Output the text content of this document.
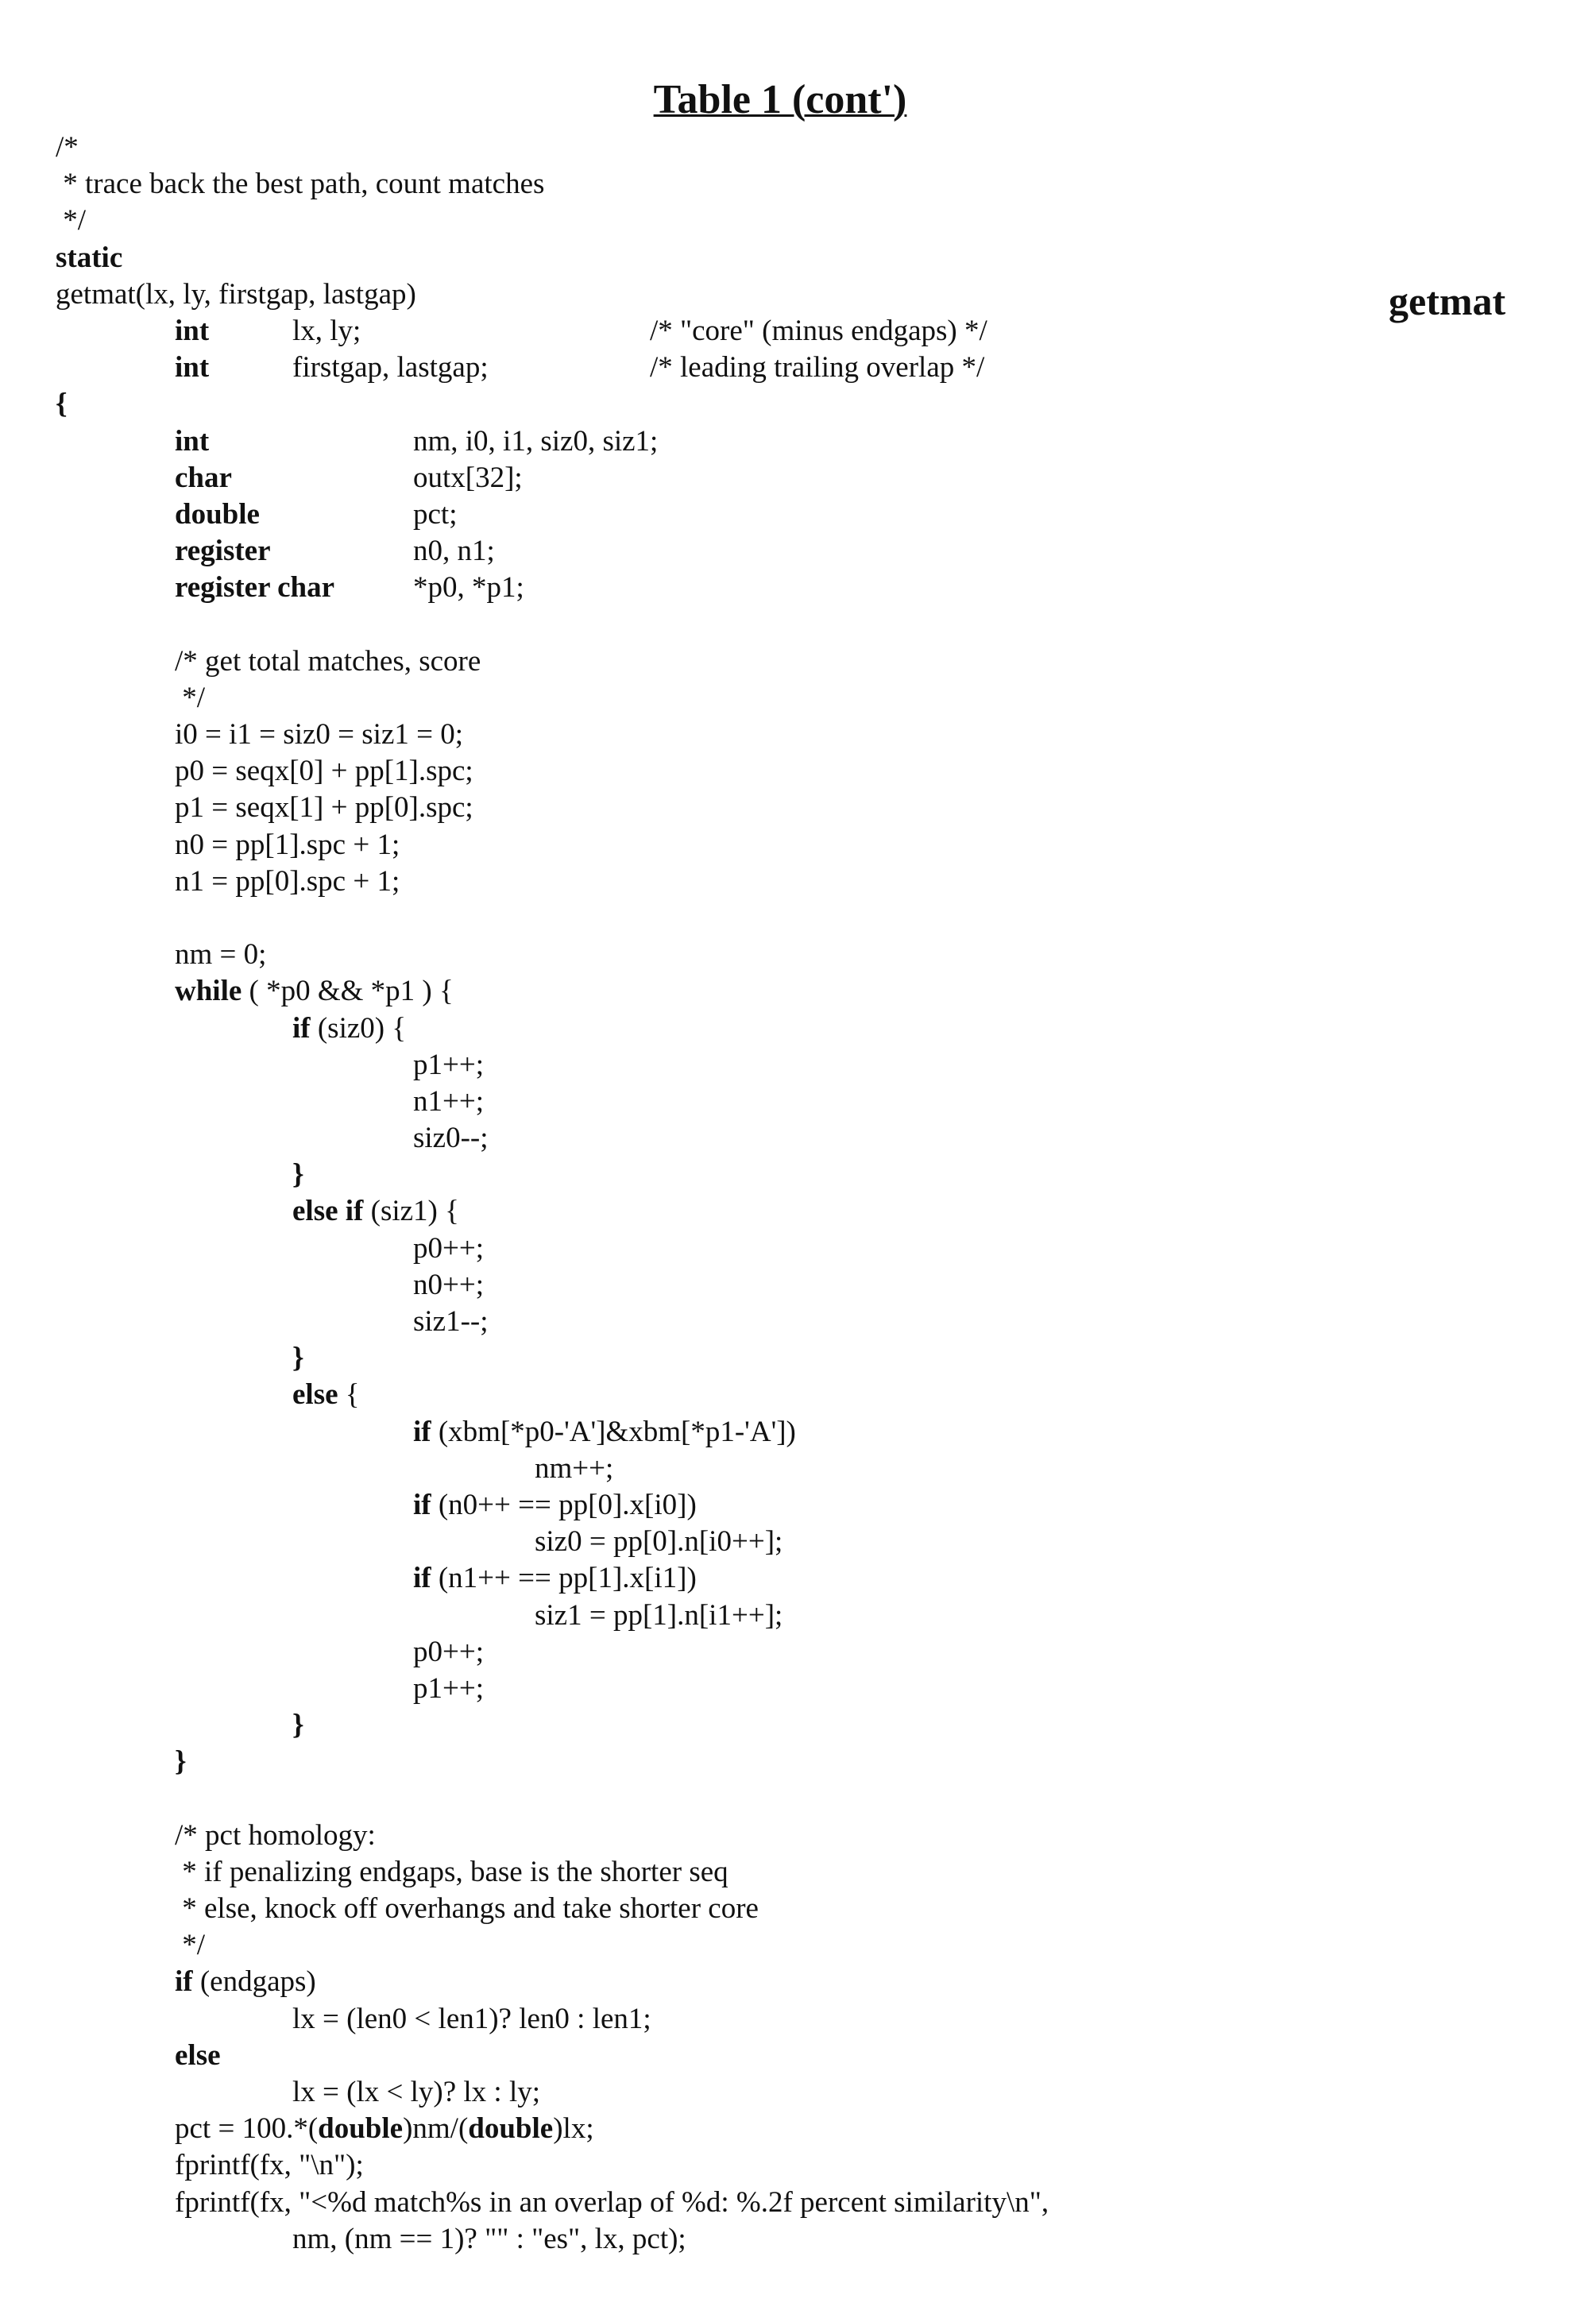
Table 1 (cont')
getmat
/*
* trace back the best path, count matches
*/
static
getmat(lx, ly, firstgap, lastgap)
int	lx, ly;	/* "core" (minus endgaps) */
int	firstgap, lastgap;	/* leading trailing overlap */
{
int	nm, i0, i1, siz0, siz1;
char	outx[32];
double	pct;
register	n0, n1;
register char	*p0, *p1;
/* get total matches, score
*/
i0 = i1 = siz0 = siz1 = 0;
p0 = seqx[0] + pp[1].spc;
p1 = seqx[1] + pp[0].spc;
n0 = pp[1].spc + 1;
n1 = pp[0].spc + 1;
nm = 0;
while ( *p0 && *p1 ) {
if (siz0) {
p1++;
n1++;
siz0--;
}
else if (siz1) {
p0++;
n0++;
siz1--;
}
else {
if (xbm[*p0-'A']&xbm[*p1-'A'])
nm++;
if (n0++ == pp[0].x[i0])
siz0 = pp[0].n[i0++];
if (n1++ == pp[1].x[i1])
siz1 = pp[1].n[i1++];
p0++;
p1++;
}
}
/* pct homology:
* if penalizing endgaps, base is the shorter seq
* else, knock off overhangs and take shorter core
*/
if (endgaps)
lx = (len0 < len1)? len0 : len1;
else
lx = (lx < ly)? lx : ly;
pct = 100.*(double)nm/(double)lx;
fprintf(fx, "\n");
fprintf(fx, "<%d match%s in an overlap of %d: %.2f percent similarity\n",
nm, (nm == 1)? "" : "es", lx, pct);
